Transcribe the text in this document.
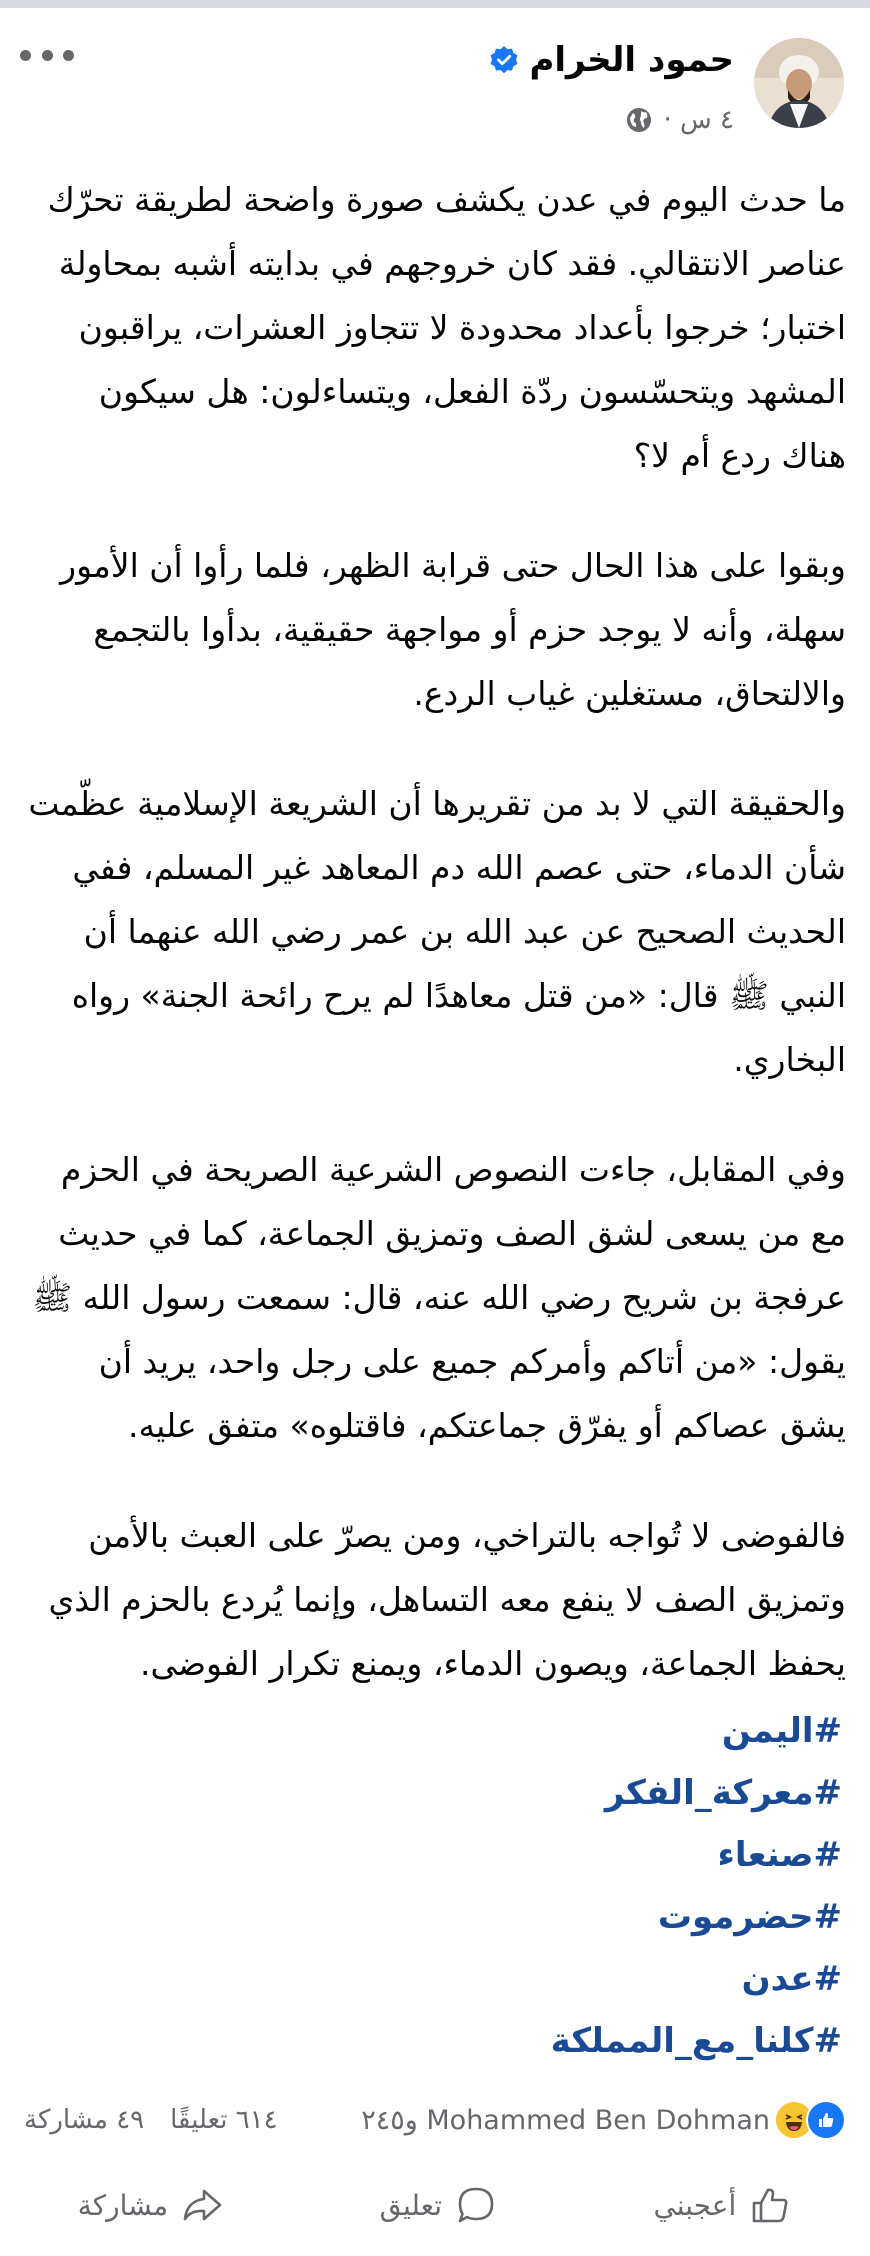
حمود الخرام
٤ س ·

ما حدث اليوم في عدن يكشف صورة واضحة لطريقة تحرّك عناصر الانتقالي. فقد كان خروجهم في بدايته أشبه بمحاولة اختبار؛ خرجوا بأعداد محدودة لا تتجاوز العشرات، يراقبون المشهد ويتحسّسون ردّة الفعل، ويتساءلون: هل سيكون هناك ردع أم لا؟

وبقوا على هذا الحال حتى قرابة الظهر، فلما رأوا أن الأمور سهلة، وأنه لا يوجد حزم أو مواجهة حقيقية، بدأوا بالتجمع والالتحاق، مستغلين غياب الردع.

والحقيقة التي لا بد من تقريرها أن الشريعة الإسلامية عظّمت شأن الدماء، حتى عصم الله دم المعاهد غير المسلم، ففي الحديث الصحيح عن عبد الله بن عمر رضي الله عنهما أن النبي ﷺ قال: «من قتل معاهدًا لم يرح رائحة الجنة» رواه البخاري.

وفي المقابل، جاءت النصوص الشرعية الصريحة في الحزم مع من يسعى لشق الصف وتمزيق الجماعة، كما في حديث عرفجة بن شريح رضي الله عنه، قال: سمعت رسول الله ﷺ يقول: «من أتاكم وأمركم جميع على رجل واحد، يريد أن يشق عصاكم أو يفرّق جماعتكم، فاقتلوه» متفق عليه.

فالفوضى لا تُواجه بالتراخي، ومن يصرّ على العبث بالأمن وتمزيق الصف لا ينفع معه التساهل، وإنما يُردع بالحزم الذي يحفظ الجماعة، ويصون الدماء، ويمنع تكرار الفوضى.

#اليمن
#معركة_الفكر
#صنعاء
#حضرموت
#عدن
#كلنا_مع_المملكة
Mohammed Ben Dohman و٢٤٥
٦١٤ تعليقًا
٤٩ مشاركة
أعجبني
تعليق
مشاركة
